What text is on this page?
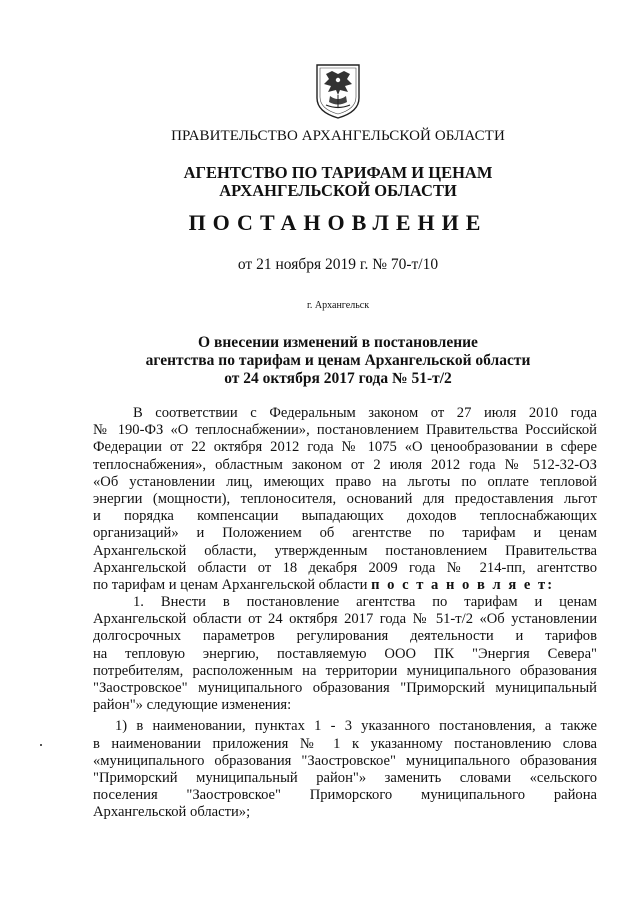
ПРАВИТЕЛЬСТВО АРХАНГЕЛЬСКОЙ ОБЛАСТИ
АГЕНТСТВО ПО ТАРИФАМ И ЦЕНАМ
АРХАНГЕЛЬСКОЙ ОБЛАСТИ
ПОСТАНОВЛЕНИЕ
от 21 ноября 2019 г. № 70-т/10
г. Архангельск
О внесении изменений в постановление
агентства по тарифам и ценам Архангельской области
от 24 октября 2017 года № 51-т/2
В соответствии с Федеральным законом от 27 июля 2010 года
№ 190-ФЗ «О теплоснабжении», постановлением Правительства Российской
Федерации от 22 октября 2012 года № 1075 «О ценообразовании в сфере
теплоснабжения», областным законом от 2 июля 2012 года № 512-32-ОЗ
«Об установлении лиц, имеющих право на льготы по оплате тепловой
энергии (мощности), теплоносителя, оснований для предоставления льгот
и порядка компенсации выпадающих доходов теплоснабжающих
организаций» и Положением об агентстве по тарифам и ценам
Архангельской области, утвержденным постановлением Правительства
Архангельской области от 18 декабря 2009 года № 214-пп, агентство
по тарифам и ценам Архангельской области п о с т а н о в л я е т:
1. Внести в постановление агентства по тарифам и ценам
Архангельской области от 24 октября 2017 года № 51-т/2 «Об установлении
долгосрочных параметров регулирования деятельности и тарифов
на тепловую энергию, поставляемую ООО ПК "Энергия Севера"
потребителям, расположенным на территории муниципального образования
"Заостровское" муниципального образования "Приморский муниципальный
район"» следующие изменения:
1) в наименовании, пунктах 1 - 3 указанного постановления, а также
в наименовании приложения № 1 к указанному постановлению слова
«муниципального образования "Заостровское" муниципального образования
"Приморский муниципальный район"» заменить словами «сельского
поселения "Заостровское" Приморского муниципального района
Архангельской области»;
